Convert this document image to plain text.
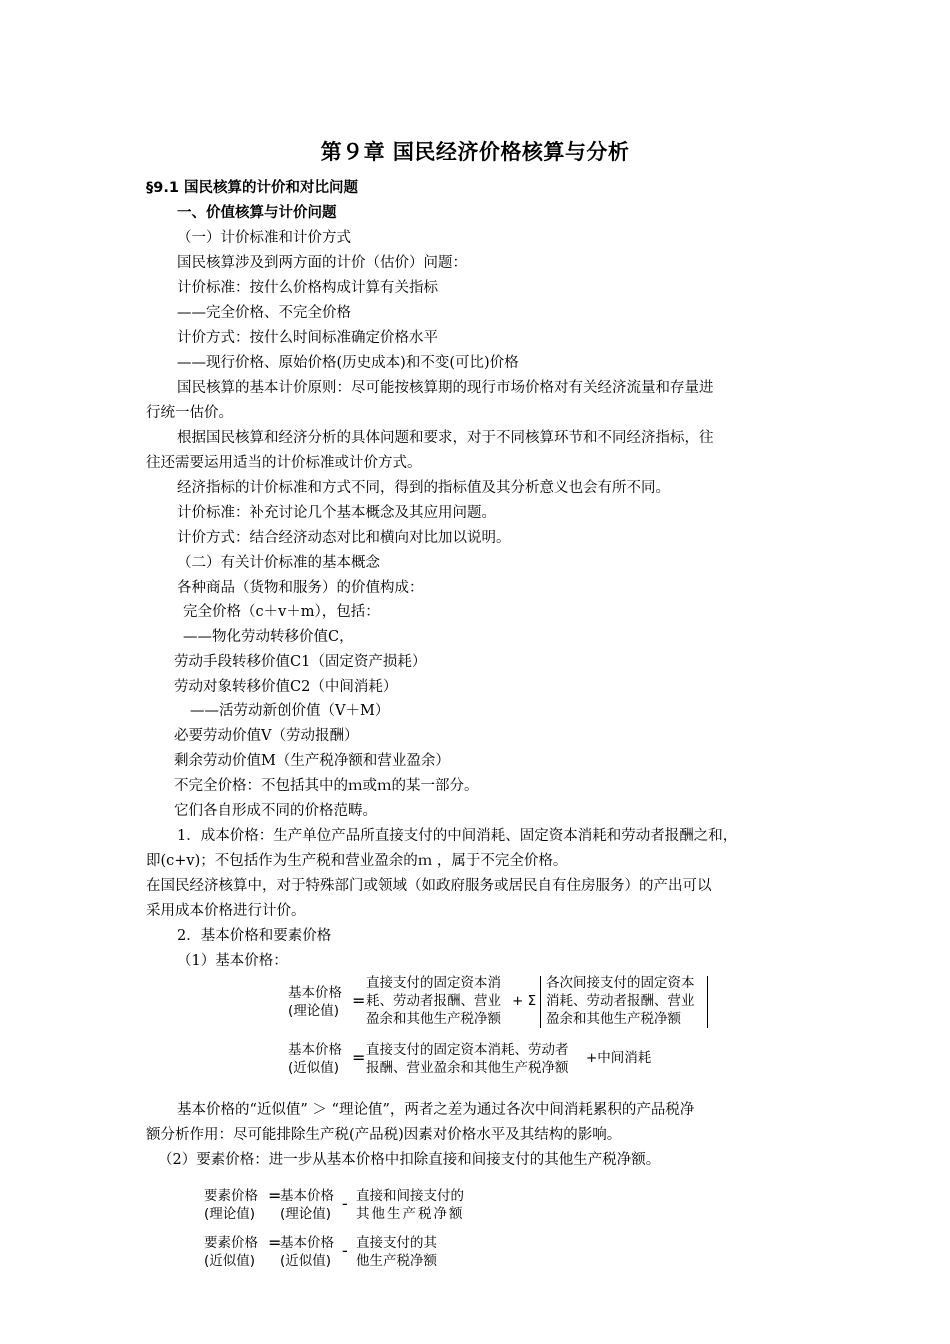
第９章 国民经济价格核算与分析
§9.1 国民核算的计价和对比问题
一、价值核算与计价问题
（一）计价标准和计价方式
国民核算涉及到两方面的计价（估价）问题：
计价标准：按什么价格构成计算有关指标
——完全价格、不完全价格
计价方式：按什么时间标准确定价格水平
——现行价格、原始价格(历史成本)和不变(可比)价格
国民核算的基本计价原则：尽可能按核算期的现行市场价格对有关经济流量和存量进
行统一估价。
根据国民核算和经济分析的具体问题和要求，对于不同核算环节和不同经济指标，往
往还需要运用适当的计价标准或计价方式。
经济指标的计价标准和方式不同，得到的指标值及其分析意义也会有所不同。
计价标准：补充讨论几个基本概念及其应用问题。
计价方式：结合经济动态对比和横向对比加以说明。
（二）有关计价标准的基本概念
各种商品（货物和服务）的价值构成：
完全价格（c＋v＋m），包括：
——物化劳动转移价值C，
劳动手段转移价值C1（固定资产损耗）
劳动对象转移价值C2（中间消耗）
——活劳动新创价值（V＋M）
必要劳动价值V（劳动报酬）
剩余劳动价值M（生产税净额和营业盈余）
不完全价格：不包括其中的ｍ或ｍ的某一部分。
它们各自形成不同的价格范畴。
1．成本价格：生产单位产品所直接支付的中间消耗、固定资本消耗和劳动者报酬之和，
即(c+v)；不包括作为生产税和营业盈余的ｍ ，属于不完全价格。
在国民经济核算中，对于特殊部门或领域（如政府服务或居民自有住房服务）的产出可以
采用成本价格进行计价。
2．基本价格和要素价格
（1）基本价格：
基本价格
(理论值)
=
直接支付的固定资本消
耗、劳动者报酬、营业
盈余和其他生产税净额
+ Σ
各次间接支付的固定资本
消耗、劳动者报酬、营业
盈余和其他生产税净额
基本价格
(近似值)
= 直接支付的固定资本消耗、劳动者
报酬、营业盈余和其他生产税净额
+中间消耗
基本价格的“近似值” ＞ “理论值”，两者之差为通过各次中间消耗累积的产品税净
额分析作用：尽可能排除生产税(产品税)因素对价格水平及其结构的影响。
（2）要素价格：进一步从基本价格中扣除直接和间接支付的其他生产税净额。
要素价格
(理论值)
=
基本价格
(理论值)
- 直接和间接支付的
其他生产税净额
要素价格
(近似值)
=
基本价格
(近似值)
- 直接支付的其
他生产税净额
